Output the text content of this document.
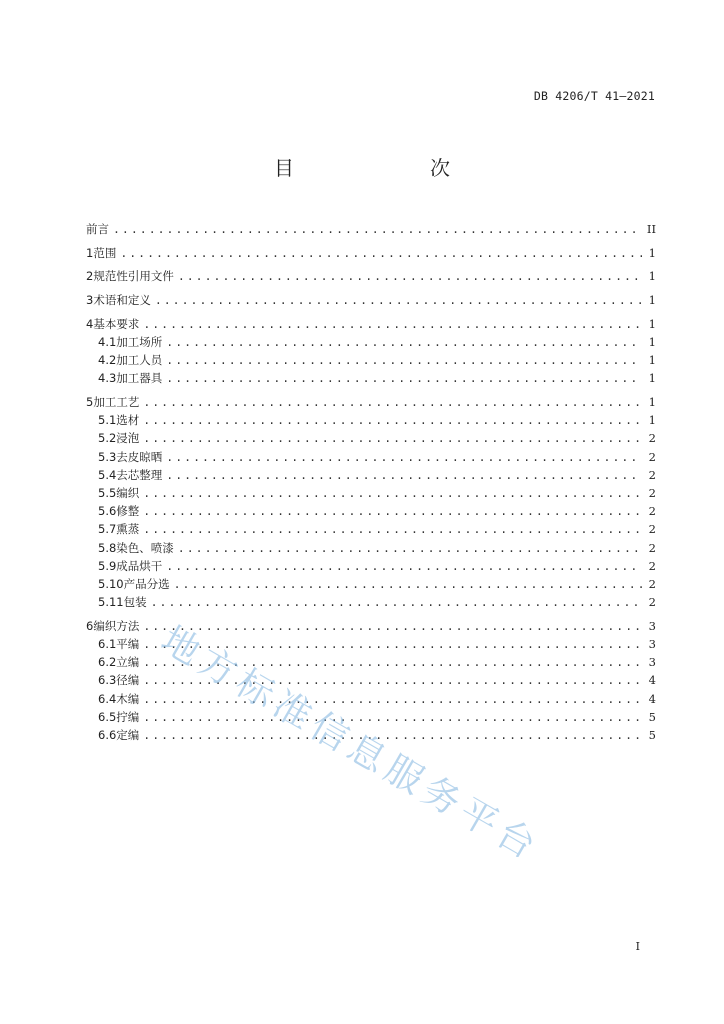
DB 4206/T 41—2021
目　　次
前言 .....	II
1 范围 .....	1
2 规范性引用文件 .....	1
3 术语和定义 .....	1
4 基本要求 .....	1
4.1 加工场所 .....	1
4.2 加工人员 .....	1
4.3 加工器具 .....	1
5 加工工艺 .....	1
5.1 选材 .....	1
5.2 浸泡 .....	2
5.3 去皮晾晒 .....	2
5.4 去芯整理 .....	2
5.5 编织 .....	2
5.6 修整 .....	2
5.7 熏蒸 .....	2
5.8 染色、喷漆 .....	2
5.9 成品烘干 .....	2
5.10 产品分选 .....	2
5.11 包装 .....	2
6 编织方法 .....	3
6.1 平编 .....	3
6.2 立编 .....	3
6.3 径编 .....	4
6.4 木编 .....	4
6.5 拧编 .....	5
6.6 定编 .....	5
I
地方标准信息服务平台
